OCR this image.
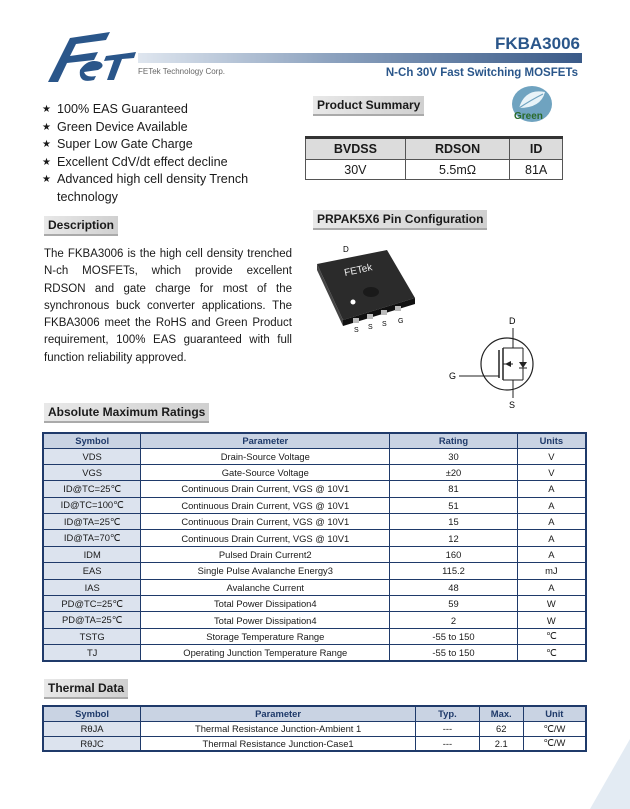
FETek Technology Corp.
FKBA3006
N-Ch 30V Fast Switching MOSFETs
★ 100% EAS Guaranteed
★ Green Device Available
★ Super Low Gate Charge
★ Excellent CdV/dt effect decline
★ Advanced high cell density Trench technology
Product Summary
Green
BVDSS	RDSON	ID
30V	5.5mΩ	81A
Description

The FKBA3006 is the high cell density trenched N-ch MOSFETs, which provide excellent RDSON and gate charge for most of the synchronous buck converter applications. The FKBA3006 meet the RoHS and Green Product requirement, 100% EAS guaranteed with full function reliability approved.

PRPAK5X6 Pin Configuration
D
FETek
S S S G	D
G
S
Absolute Maximum Ratings
Symbol	Parameter	Rating	Units
VDS	Drain-Source Voltage	30	V
VGS	Gate-Source Voltage	±20	V
ID@TC=25℃	Continuous Drain Current, VGS @ 10V1	81	A
ID@TC=100℃	Continuous Drain Current, VGS @ 10V1	51	A
ID@TA=25℃	Continuous Drain Current, VGS @ 10V1	15	A
ID@TA=70℃	Continuous Drain Current, VGS @ 10V1	12	A
IDM	Pulsed Drain Current2	160	A
EAS	Single Pulse Avalanche Energy3	115.2	mJ
IAS	Avalanche Current	48	A
PD@TC=25℃	Total Power Dissipation4	59	W
PD@TA=25℃	Total Power Dissipation4	2	W
TSTG	Storage Temperature Range	-55 to 150	℃
TJ	Operating Junction Temperature Range	-55 to 150	℃
Thermal Data
Symbol	Parameter	Typ.	Max.	Unit
RθJA	Thermal Resistance Junction-Ambient 1	---	62	℃/W
RθJC	Thermal Resistance Junction-Case1	---	2.1	℃/W
